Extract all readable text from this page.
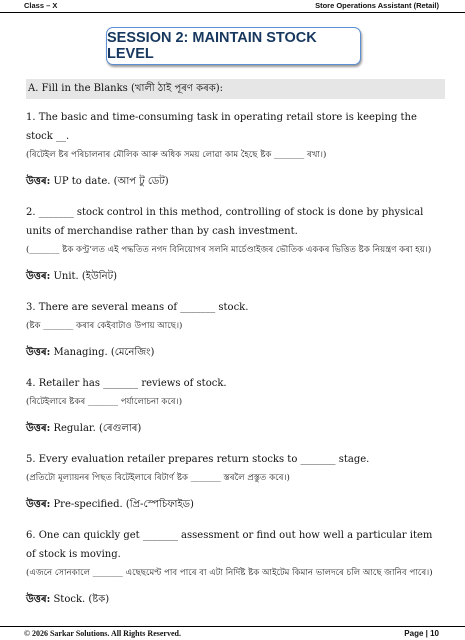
Class – X	Store Operations Assistant (Retail)
SESSION 2: MAINTAIN STOCK LEVEL
A. Fill in the Blanks (খালী ঠাই পূৰণ কৰক):

1. The basic and time-consuming task in operating retail store is keeping the stock __.

(ৰিটেইল ষ্টৰ পৰিচালনাৰ মৌলিক আৰু অধিক সময় লোৱা কাম হৈছে ষ্টক _______ ৰখা।)

উত্তৰ: UP to date. (আপ টু ডেট)

2. _______ stock control in this method, controlling of stock is done by physical units of merchandise rather than by cash investment.

(_______ ষ্টক কণ্ট্ৰ’লত এই পদ্ধতিত নগদ বিনিয়োগৰ সলনি মাৰ্চেণ্ডাইজৰ ভৌতিক এককৰ ভিত্তিত ষ্টক নিয়ন্ত্ৰণ কৰা হয়।)

উত্তৰ: Unit. (ইউনিট)

3. There are several means of _______ stock.

(ষ্টক _______ কৰাৰ কেইবাটাও উপায় আছে।)

উত্তৰ: Managing. (মেনেজিং)

4. Retailer has _______ reviews of stock.

(ৰিটেইলাৰে ষ্টকৰ _______ পৰ্যালোচনা কৰে।)

উত্তৰ: Regular. (ৰেগুলাৰ)

5. Every evaluation retailer prepares return stocks to _______ stage.

(প্ৰতিটো মূল্যায়নৰ পিছত ৰিটেইলাৰে ৰিটাৰ্ণ ষ্টক _______ স্তৰলৈ প্ৰস্তুত কৰে।)

উত্তৰ: Pre-specified. (প্ৰি-স্পেচিফাইড)

6. One can quickly get _______ assessment or find out how well a particular item of stock is moving.

(এজনে সোনকালে _______ এছেছমেণ্ট পাব পাৰে বা এটা নিৰ্দিষ্ট ষ্টক আইটেম কিমান ভালদৰে চলি আছে জানিব পাৰে।)

উত্তৰ: Stock. (ষ্টক)

© 2026 Sarkar Solutions. All Rights Reserved.	Page | 10
